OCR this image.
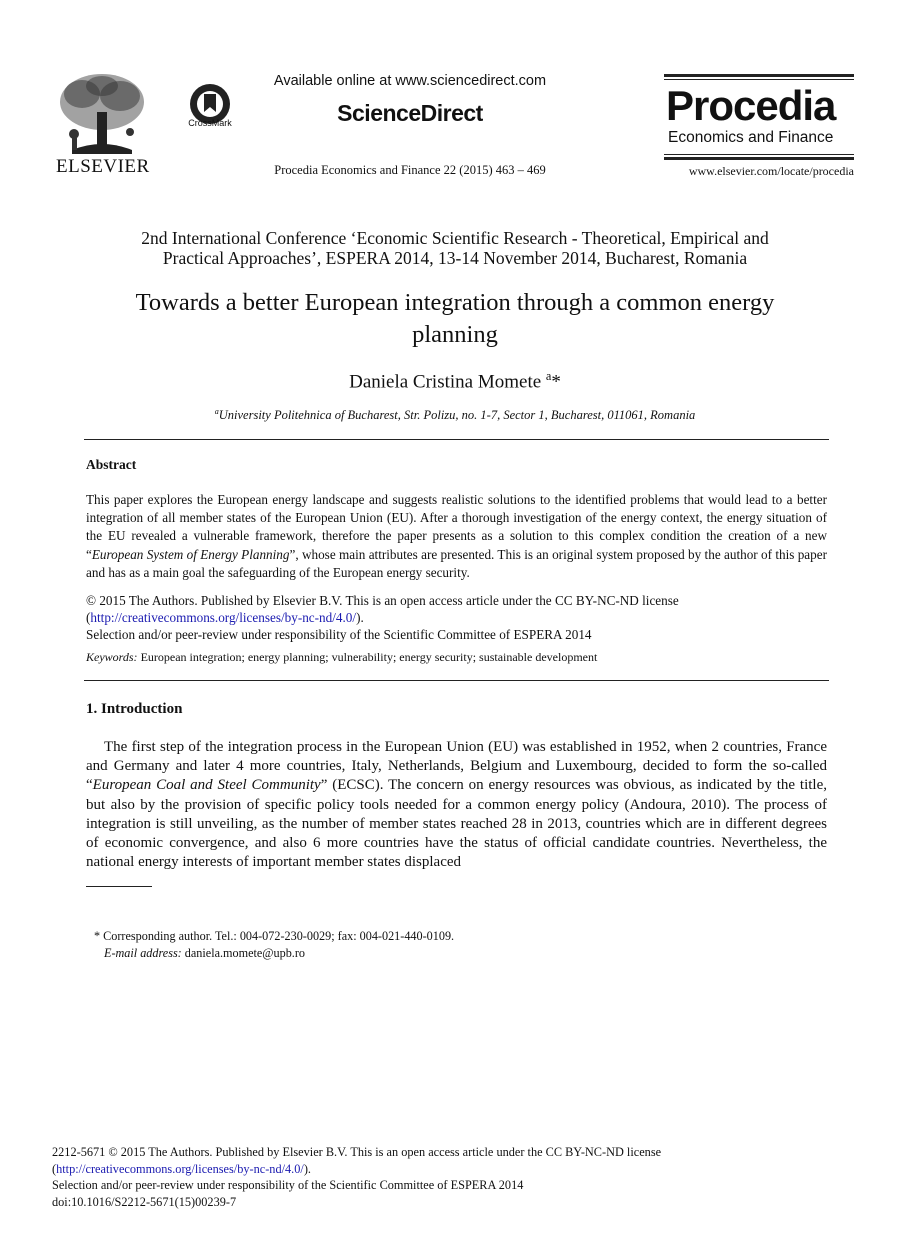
ELSEVIER
CrossMark
Available online at www.sciencedirect.com
ScienceDirect
Procedia Economics and Finance 22 (2015) 463 – 469
Procedia
Economics and Finance
www.elsevier.com/locate/procedia
2nd International Conference ‘Economic Scientific Research - Theoretical, Empirical and
Practical Approaches’, ESPERA 2014, 13-14 November 2014, Bucharest, Romania
Towards a better European integration through a common energy
planning
Daniela Cristina Momete $^a$*
$^a$University Politehnica of Bucharest, Str. Polizu, no. 1-7, Sector 1, Bucharest, 011061, Romania
Abstract
This paper explores the European energy landscape and suggests realistic solutions to the identified problems that would lead to a better integration of all member states of the European Union (EU). After a thorough investigation of the energy context, the energy situation of the EU revealed a vulnerable framework, therefore the paper presents as a solution to this complex condition the creation of a new “European System of Energy Planning”, whose main attributes are presented. This is an original system proposed by the author of this paper and has as a main goal the safeguarding of the European energy security.
© 2015 The Authors. Published by Elsevier B.V. This is an open access article under the CC BY-NC-ND license
(http://creativecommons.org/licenses/by-nc-nd/4.0/).
Selection and/or peer-review under responsibility of the Scientific Committee of ESPERA 2014
Keywords: European integration; energy planning; vulnerability; energy security; sustainable development
1. Introduction
The first step of the integration process in the European Union (EU) was established in 1952, when 2 countries, France and Germany and later 4 more countries, Italy, Netherlands, Belgium and Luxembourg, decided to form the so-called “European Coal and Steel Community” (ECSC). The concern on energy resources was obvious, as indicated by the title, but also by the provision of specific policy tools needed for a common energy policy (Andoura, 2010). The process of integration is still unveiling, as the number of member states reached 28 in 2013, countries which are in different degrees of economic convergence, and also 6 more countries have the status of official candidate countries. Nevertheless, the national energy interests of important member states displaced
* Corresponding author. Tel.: 004-072-230-0029; fax: 004-021-440-0109.
E-mail address: daniela.momete@upb.ro
2212-5671 © 2015 The Authors. Published by Elsevier B.V. This is an open access article under the CC BY-NC-ND license
(http://creativecommons.org/licenses/by-nc-nd/4.0/).
Selection and/or peer-review under responsibility of the Scientific Committee of ESPERA 2014
doi:10.1016/S2212-5671(15)00239-7
